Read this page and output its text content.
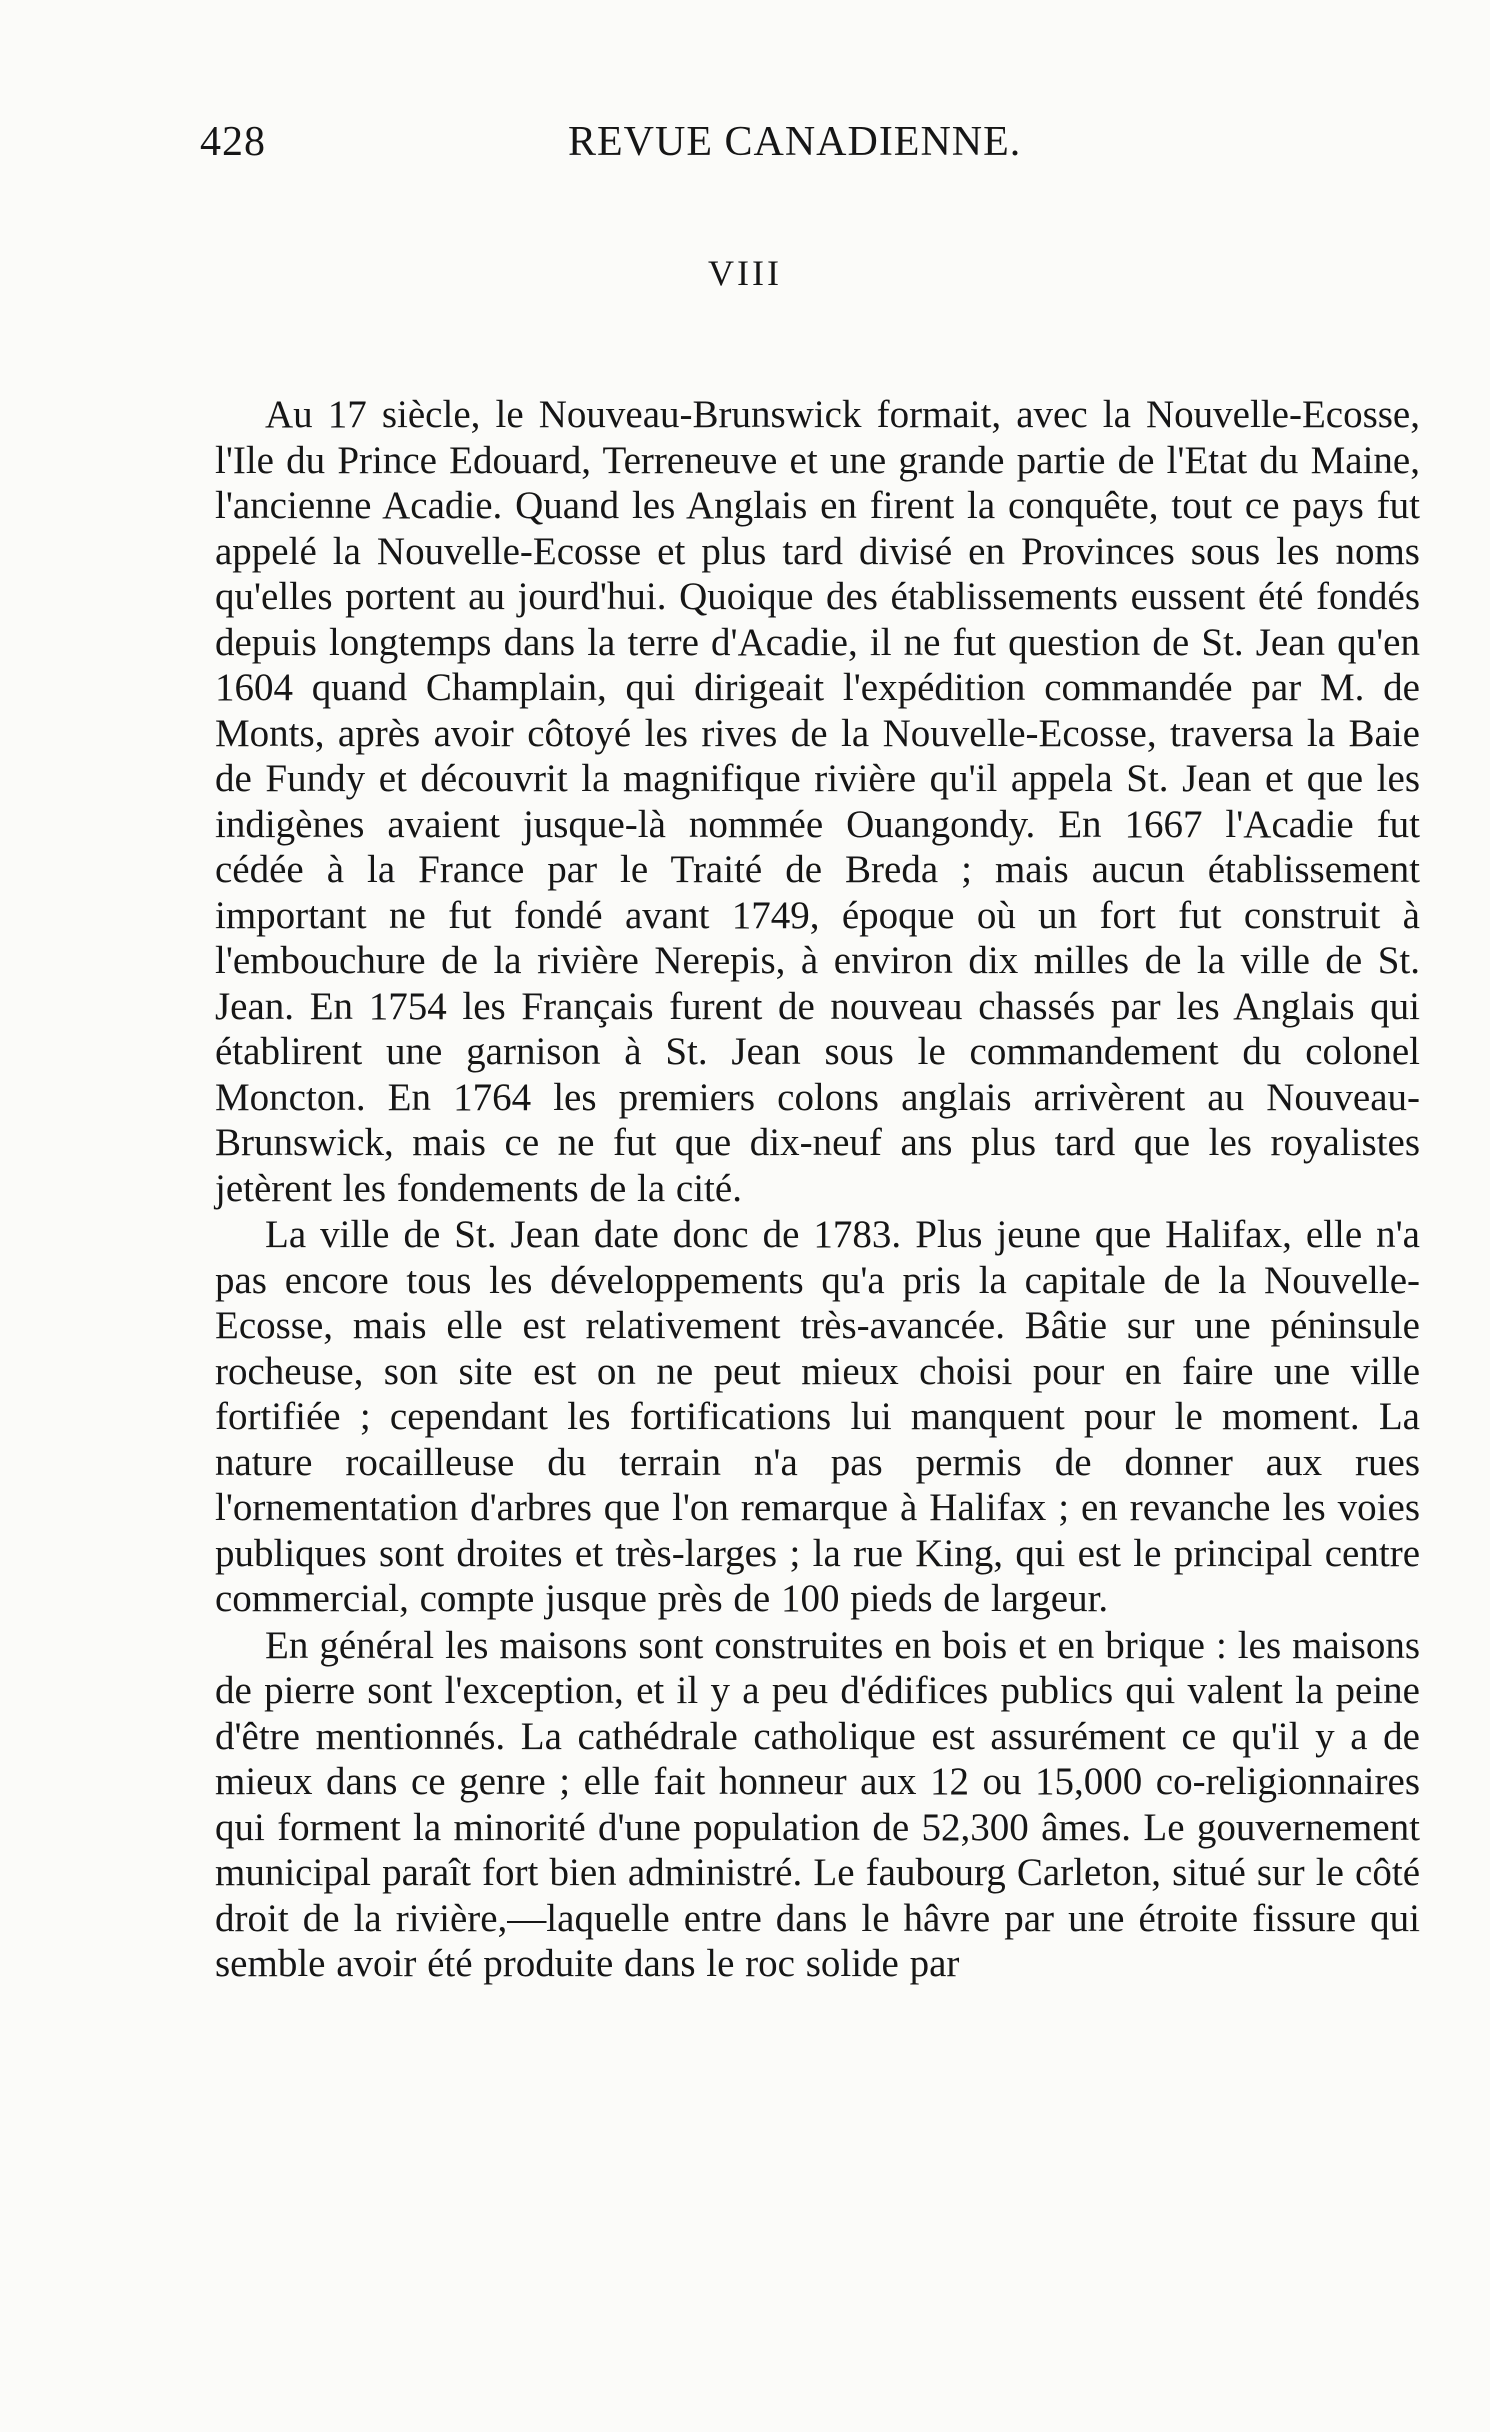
428	REVUE CANADIENNE.
VIII

Au 17 siècle, le Nouveau-Brunswick formait, avec la Nouvelle-Ecosse, l'Ile du Prince Edouard, Terreneuve et une grande partie de l'Etat du Maine, l'ancienne Acadie. Quand les Anglais en firent la conquête, tout ce pays fut appelé la Nouvelle-Ecosse et plus tard divisé en Provinces sous les noms qu'elles portent au jourd'hui. Quoique des établissements eussent été fondés depuis longtemps dans la terre d'Acadie, il ne fut question de St. Jean qu'en 1604 quand Champlain, qui dirigeait l'expédition commandée par M. de Monts, après avoir côtoyé les rives de la Nouvelle-Ecosse, traversa la Baie de Fundy et découvrit la magnifique rivière qu'il appela St. Jean et que les indigènes avaient jusque-là nommée Ouangondy. En 1667 l'Acadie fut cédée à la France par le Traité de Breda ; mais aucun établissement important ne fut fondé avant 1749, époque où un fort fut construit à l'embouchure de la rivière Nerepis, à environ dix milles de la ville de St. Jean. En 1754 les Français furent de nouveau chassés par les Anglais qui établirent une garnison à St. Jean sous le commandement du colonel Moncton. En 1764 les premiers colons anglais arrivèrent au Nouveau-Brunswick, mais ce ne fut que dix-neuf ans plus tard que les royalistes jetèrent les fondements de la cité.

La ville de St. Jean date donc de 1783. Plus jeune que Halifax, elle n'a pas encore tous les développements qu'a pris la capitale de la Nouvelle-Ecosse, mais elle est relativement très-avancée. Bâtie sur une péninsule rocheuse, son site est on ne peut mieux choisi pour en faire une ville fortifiée ; cependant les fortifications lui manquent pour le moment. La nature rocailleuse du terrain n'a pas permis de donner aux rues l'ornementation d'arbres que l'on remarque à Halifax ; en revanche les voies publiques sont droites et très-larges ; la rue King, qui est le principal centre commercial, compte jusque près de 100 pieds de largeur.

En général les maisons sont construites en bois et en brique : les maisons de pierre sont l'exception, et il y a peu d'édifices publics qui valent la peine d'être mentionnés. La cathédrale catholique est assurément ce qu'il y a de mieux dans ce genre ; elle fait honneur aux 12 ou 15,000 co-religionnaires qui forment la minorité d'une population de 52,300 âmes. Le gouvernement municipal paraît fort bien administré. Le faubourg Carleton, situé sur le côté droit de la rivière,—laquelle entre dans le hâvre par une étroite fissure qui semble avoir été produite dans le roc solide par
